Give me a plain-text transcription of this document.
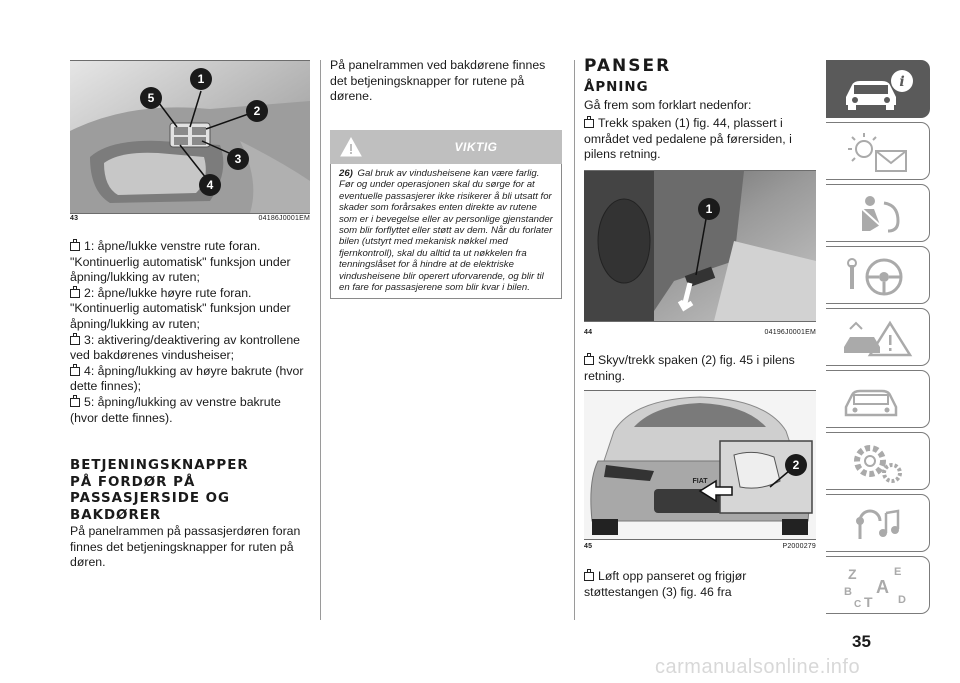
1
2
3
4
5
43	04186J0001EM
1: åpne/lukke venstre rute foran. "Kontinuerlig automatisk" funksjon under åpning/lukking av ruten;
2: åpne/lukke høyre rute foran. "Kontinuerlig automatisk" funksjon under åpning/lukking av ruten;
3: aktivering/deaktivering av kontrollene ved bakdørenes vindusheiser;
4: åpning/lukking av høyre bakrute (hvor dette finnes);
5: åpning/lukking av venstre bakrute (hvor dette finnes).
BETJENINGSKNAPPER
PÅ FORDØR PÅ
PASSASJERSIDE OG
BAKDØRER

På panelrammen på passasjerdøren foran finnes det betjeningsknapper for ruten på døren.

På panelrammen ved bakdørene finnes det betjeningsknapper for rutene på dørene.

VIKTIG
26) Gal bruk av vindusheisene kan være farlig. Før og under operasjonen skal du sørge for at eventuelle passasjerer ikke risikerer å bli utsatt for skader som forårsakes enten direkte av rutene som er i bevegelse eller av personlige gjenstander som blir forflyttet eller støtt av dem. Når du forlater bilen (utstyrt med mekanisk nøkkel med fjernkontroll), skal du alltid ta ut nøkkelen fra tenningslåset for å hindre at de elektriske vindusheisene blir operert uforvarende, og blir til en fare for passasjerene som blir kvar i bilen.
PANSER
ÅPNING

Gå frem som forklart nedenfor:

Trekk spaken (1) fig. 44, plassert i området ved pedalene på førersiden, i pilens retning.
1
44	04196J0001EM
Skyv/trekk spaken (2) fig. 45 i pilens retning.
FIAT
2
45	P2000279
Løft opp panseret og frigjør støttestangen (3) fig. 46 fra
i
Z	E
B A
C T D
35
carmanualsonline.info
